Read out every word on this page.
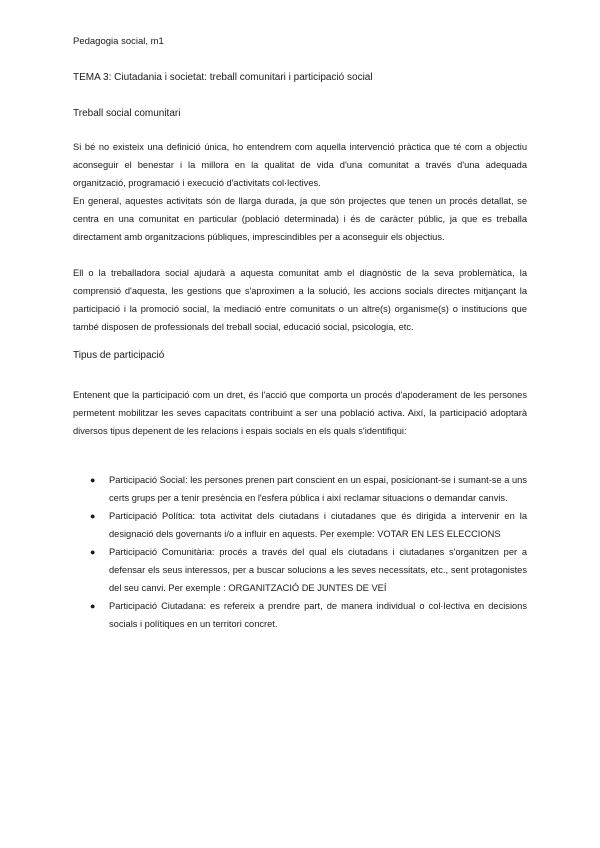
Pedagogia social, m1
TEMA 3: Ciutadania i societat: treball comunitari i participació social
Treball social comunitari

Si bé no existeix una definició única, ho entendrem com aquella intervenció pràctica que té com a objectiu aconseguir el benestar i la millora en la qualitat de vida d'una comunitat a través d'una adequada organització, programació i execució d'activitats col·lectives.

En general, aquestes activitats són de llarga durada, ja que són projectes que tenen un procés detallat, se centra en una comunitat en particular (població determinada) i és de caràcter públic, ja que es treballa directament amb organitzacions públiques, imprescindibles per a aconseguir els objectius.

Ell o la treballadora social ajudarà a aquesta comunitat amb el diagnòstic de la seva problemàtica, la comprensió d'aquesta, les gestions que s'aproximen a la solució, les accions socials directes mitjançant la participació i la promoció social, la mediació entre comunitats o un altre(s) organisme(s) o institucions que també disposen de professionals del treball social, educació social, psicologia, etc.

Tipus de participació

Entenent que la participació com un dret, és l'acció que comporta un procés d'apoderament de les persones permetent mobilitzar les seves capacitats contribuint a ser una població activa. Així, la participació adoptarà diversos tipus depenent de les relacions i espais socials en els quals s'identifiqui:

● Participació Social: les persones prenen part conscient en un espai, posicionant-se i sumant-se a uns certs grups per a tenir presència en l'esfera pública i així reclamar situacions o demandar canvis.
● Participació Política: tota activitat dels ciutadans i ciutadanes que és dirigida a intervenir en la designació dels governants i/o a influir en aquests. Per exemple: VOTAR EN LES ELECCIONS
● Participació Comunitària: procés a través del qual els ciutadans i ciutadanes s'organitzen per a defensar els seus interessos, per a buscar solucions a les seves necessitats, etc., sent protagonistes del seu canvi. Per exemple : ORGANITZACIÓ DE JUNTES DE VEÍ
● Participació Ciutadana: es refereix a prendre part, de manera individual o col·lectiva en decisions socials i polítiques en un territori concret.
